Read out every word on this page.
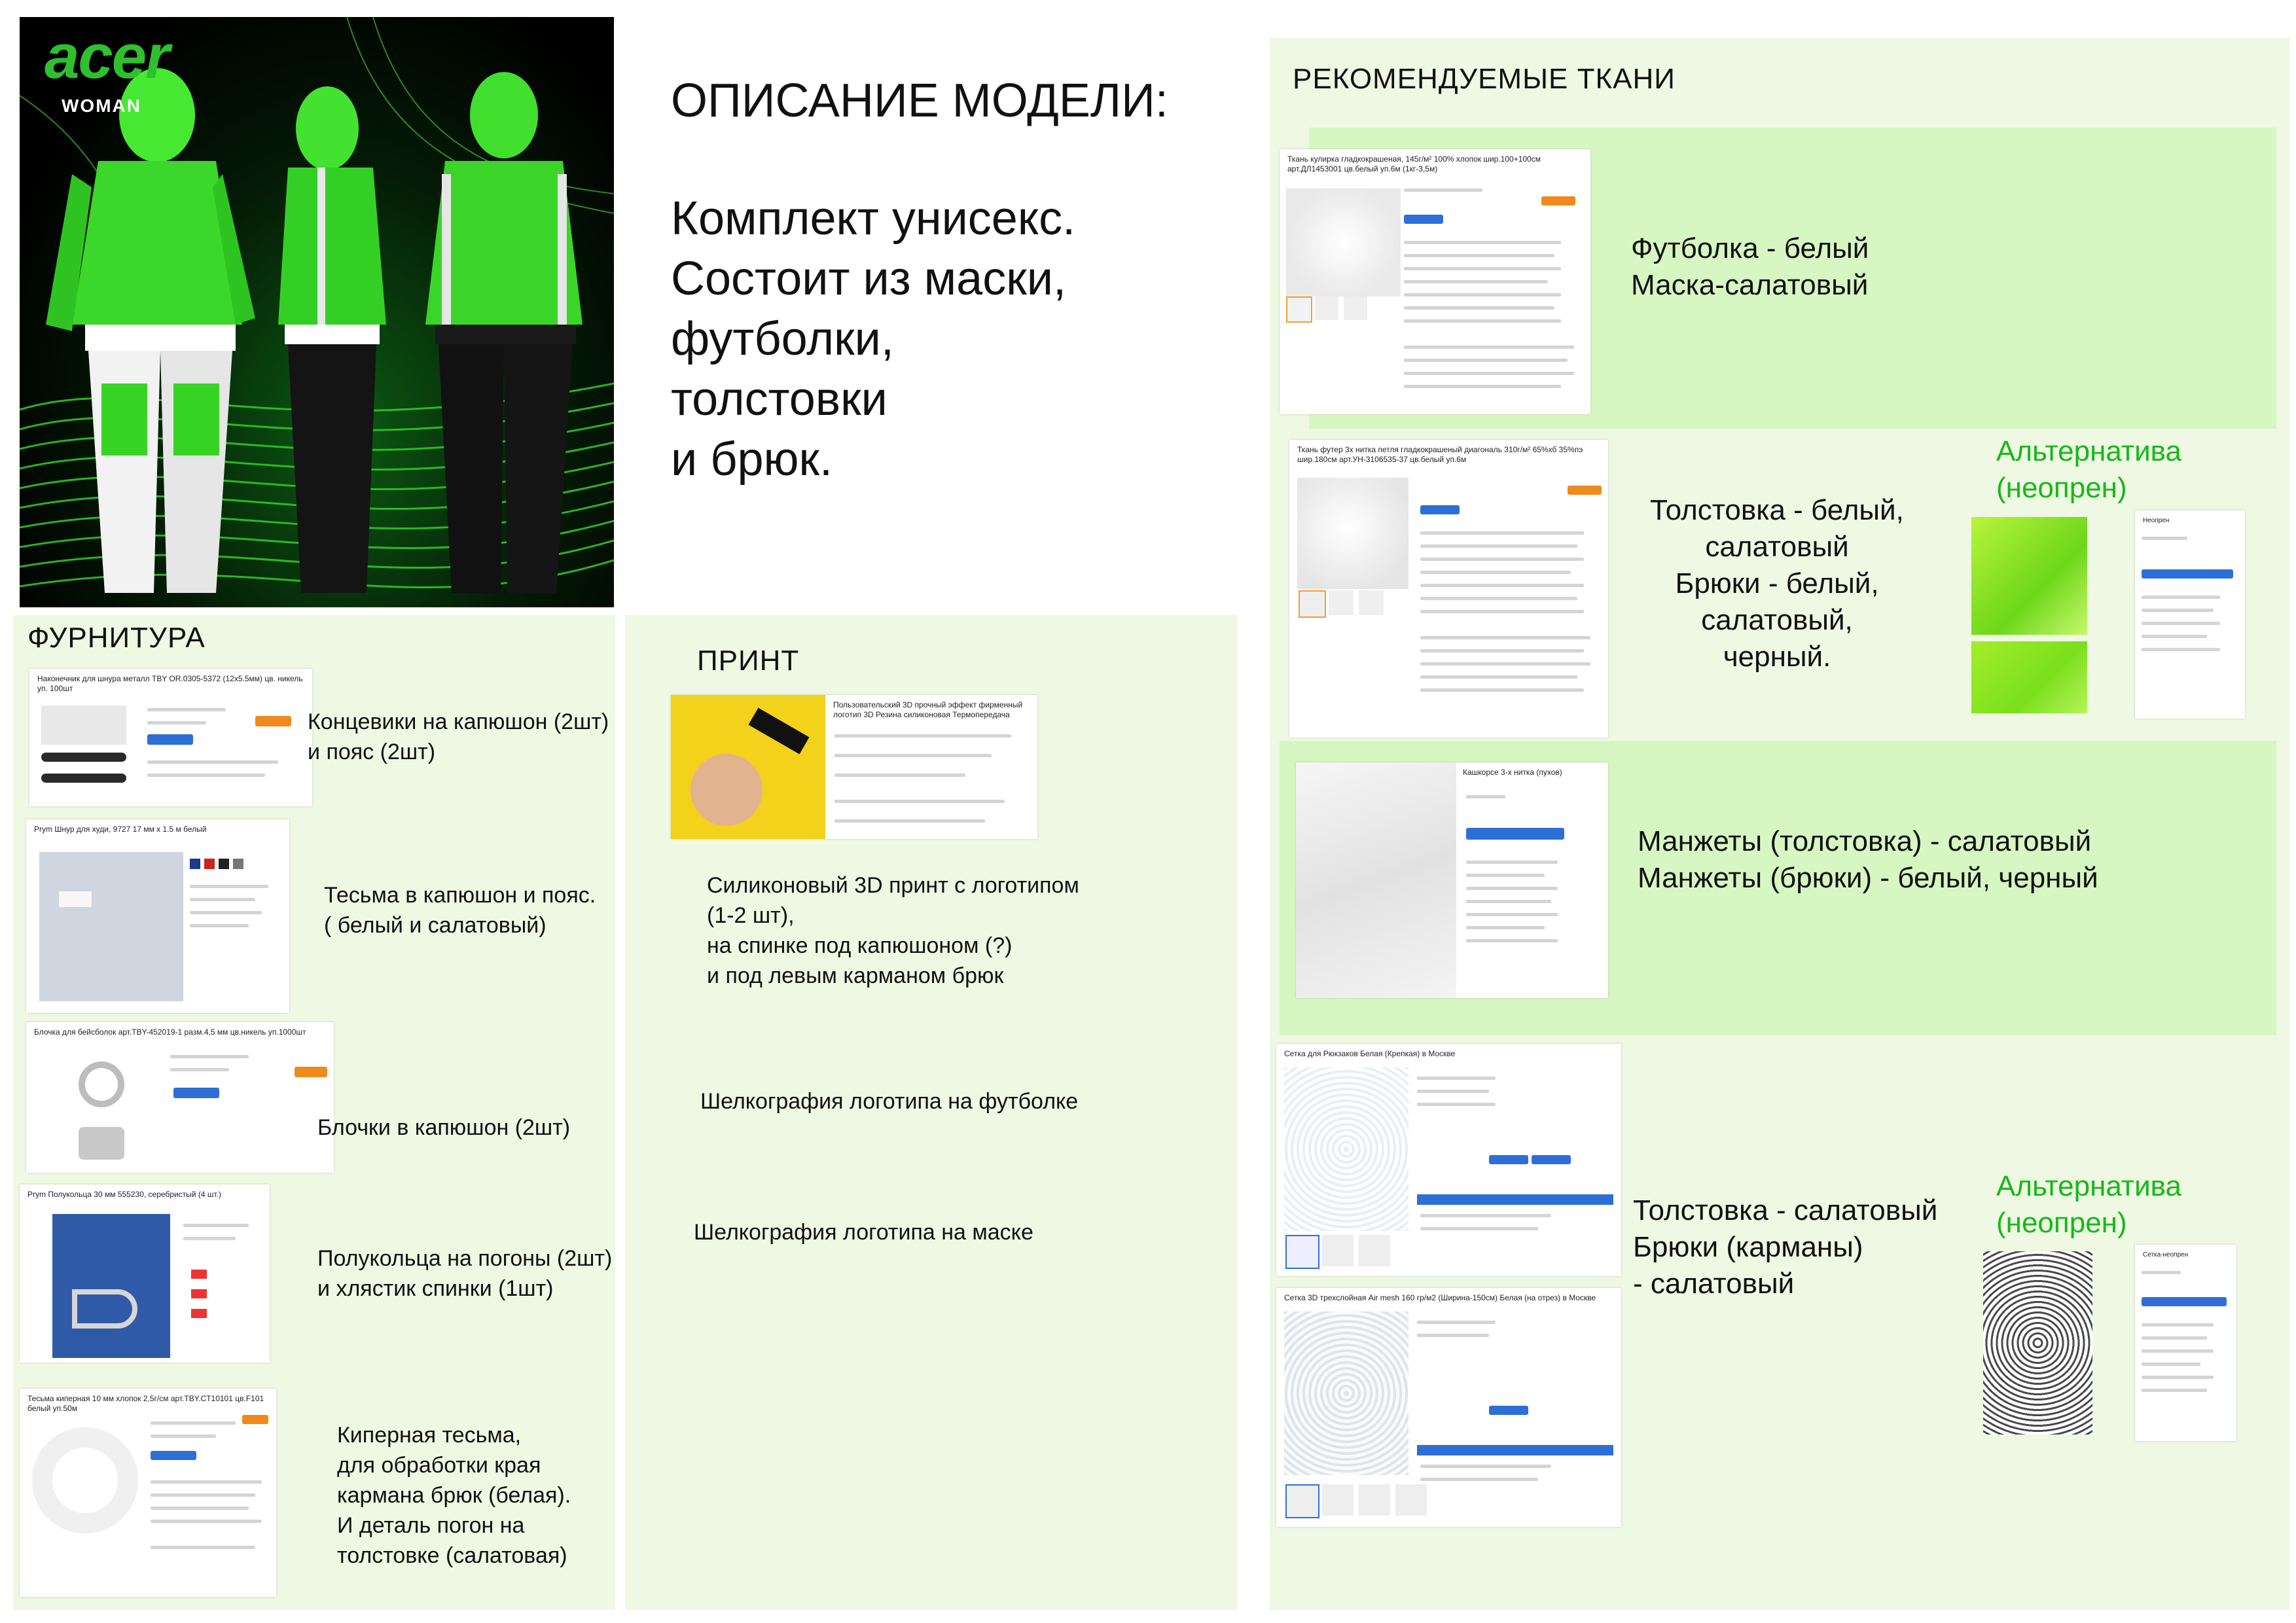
acer
WOMAN	ОПИСАНИЕ МОДЕЛИ:
Комплект унисекс.
Состоит из маски,
футболки,
толстовки
и брюк.
ФУРНИТУРА
Наконечник для шнура металл TBY OR.0305-5372 (12х5.5мм) цв. никель уп. 100шт
Концевики на капюшон (2шт)
и пояс (2шт)
Prym Шнур для худи, 9727 17 мм х 1.5 м белый
Тесьма в капюшон и пояс.
( белый и салатовый)
Блочка для бейсболок арт.TBY-452019-1 разм.4,5 мм цв.никель уп.1000шт
Блочки в капюшон (2шт)
Prym Полукольца 30 мм 555230, серебристый (4 шт.)
Полукольца на погоны (2шт)
и хлястик спинки (1шт)
Тесьма киперная 10 мм хлопок 2,5г/см арт.TBY.CT10101 цв.F101 белый уп.50м
Киперная тесьма,
для обработки края
кармана брюк (белая).
И деталь погон на
толстовке (салатовая)
ПРИНТ
Пользовательский 3D прочный эффект фирменный логотип 3D Резина силиконовая Термопередача
Силиконовый 3D принт с логотипом
(1-2 шт),
на спинке под капюшоном (?)
и под левым карманом брюк
Шелкография логотипа на футболке
Шелкография логотипа на маске
РЕКОМЕНДУЕМЫЕ ТКАНИ
Ткань кулирка гладкокрашеная, 145г/м² 100% хлопок шир.100+100см арт.ДЛ1453001 цв.белый уп.6м (1кг-3,5м)
Футболка - белый
Маска-салатовый
Ткань футер 3х нитка петля гладкокрашеный диагональ 310г/м² 65%хб 35%пэ шир.180см арт.УН-3106535-37 цв.белый уп.6м
Толстовка - белый,
салатовый
Брюки - белый,
салатовый,
черный.
Альтернатива
(неопрен)
Неопрен
Кашкорсе 3-х нитка (пухов)
Манжеты (толстовка) - салатовый
Манжеты (брюки) - белый, черный
Сетка для Рюкзаков Белая (Крепкая) в Москве
Сетка 3D трехслойная Air mesh 160 гр/м2 (Ширина-150см) Белая (на отрез) в Москве
Толстовка - салатовый
Брюки (карманы)
- салатовый
Альтернатива
(неопрен)
Сетка-неопрен
